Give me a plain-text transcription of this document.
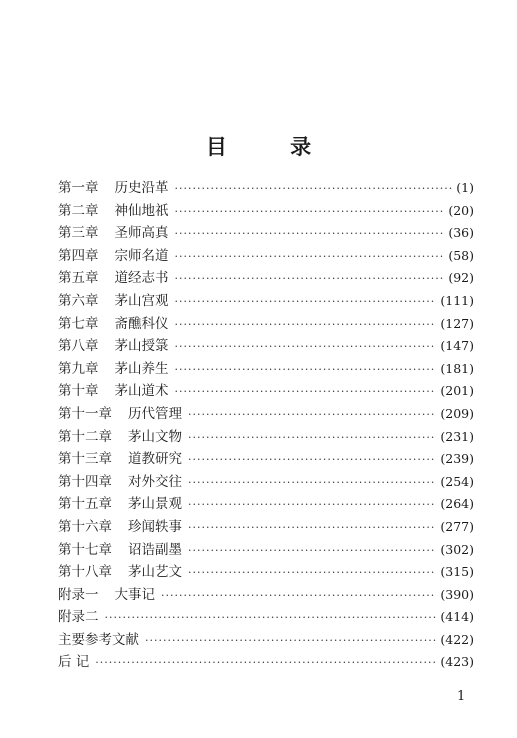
目 录
第一章 历史沿革 ·····	(1)
第二章 神仙地祇 ·····	(20)
第三章 圣师高真 ·····	(36)
第四章 宗师名道 ·····	(58)
第五章 道经志书 ·····	(92)
第六章 茅山宫观 ·····	(111)
第七章 斋醮科仪 ·····	(127)
第八章 茅山授箓 ·····	(147)
第九章 茅山养生 ·····	(181)
第十章 茅山道术 ·····	(201)
第十一章 历代管理 ·····	(209)
第十二章 茅山文物 ·····	(231)
第十三章 道教研究 ·····	(239)
第十四章 对外交往 ·····	(254)
第十五章 茅山景观 ·····	(264)
第十六章 珍闻轶事 ·····	(277)
第十七章 诏诰副墨 ·····	(302)
第十八章 茅山艺文 ·····	(315)
附录一 大事记 ·····	(390)
附录二 ·····	(414)
主要参考文献 ·····	(422)
后 记 ·····	(423)
1
